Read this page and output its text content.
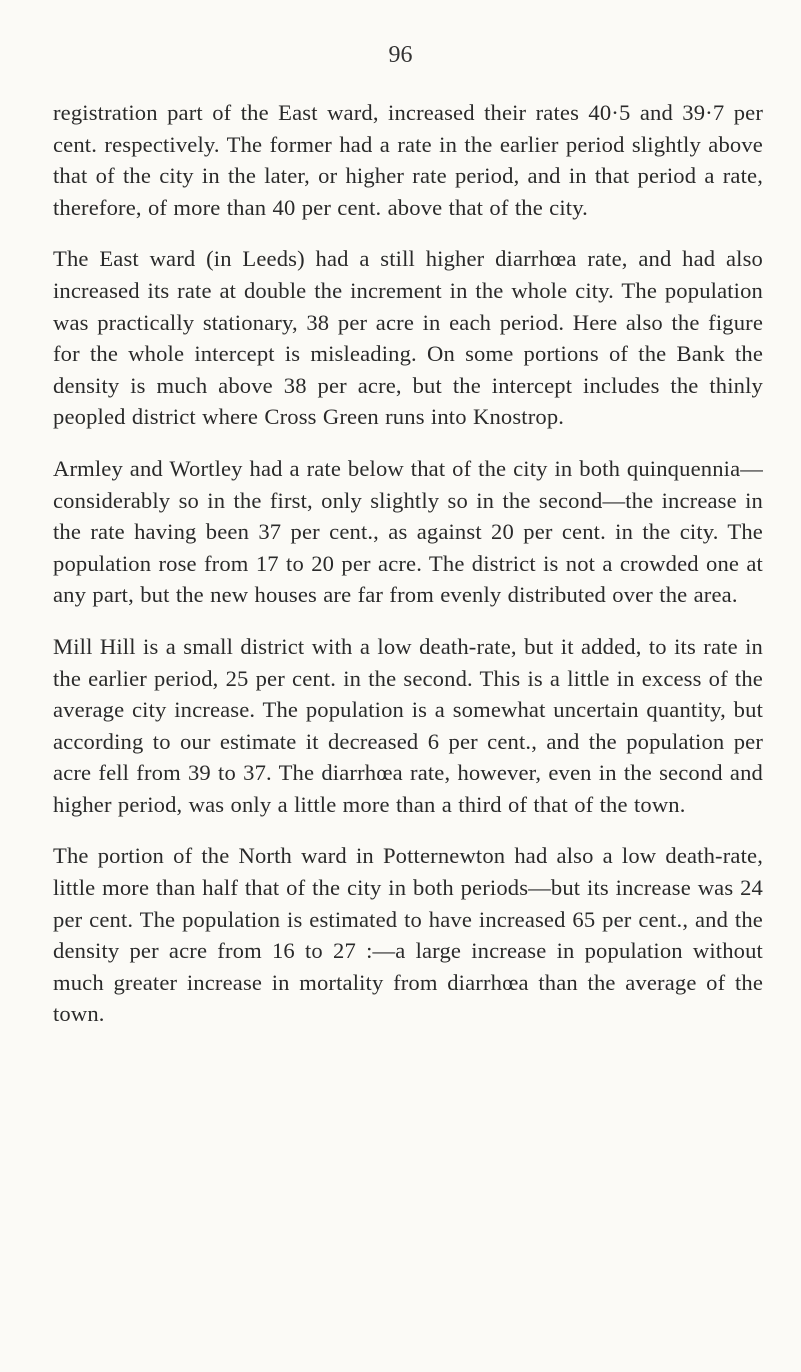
96

registration part of the East ward, increased their rates 40·5 and 39·7 per cent. respectively. The former had a rate in the earlier period slightly above that of the city in the later, or higher rate period, and in that period a rate, therefore, of more than 40 per cent. above that of the city.

The East ward (in Leeds) had a still higher diarrhœa rate, and had also increased its rate at double the increment in the whole city. The population was practically stationary, 38 per acre in each period. Here also the figure for the whole intercept is misleading. On some portions of the Bank the density is much above 38 per acre, but the intercept includes the thinly peopled district where Cross Green runs into Knostrop.

Armley and Wortley had a rate below that of the city in both quinquennia—considerably so in the first, only slightly so in the second—the increase in the rate having been 37 per cent., as against 20 per cent. in the city. The population rose from 17 to 20 per acre. The district is not a crowded one at any part, but the new houses are far from evenly distributed over the area.

Mill Hill is a small district with a low death-rate, but it added, to its rate in the earlier period, 25 per cent. in the second. This is a little in excess of the average city increase. The population is a somewhat uncertain quantity, but according to our estimate it decreased 6 per cent., and the population per acre fell from 39 to 37. The diarrhœa rate, however, even in the second and higher period, was only a little more than a third of that of the town.

The portion of the North ward in Potternewton had also a low death-rate, little more than half that of the city in both periods—but its increase was 24 per cent. The population is estimated to have increased 65 per cent., and the density per acre from 16 to 27 :—a large increase in population without much greater increase in mortality from diarrhœa than the average of the town.
